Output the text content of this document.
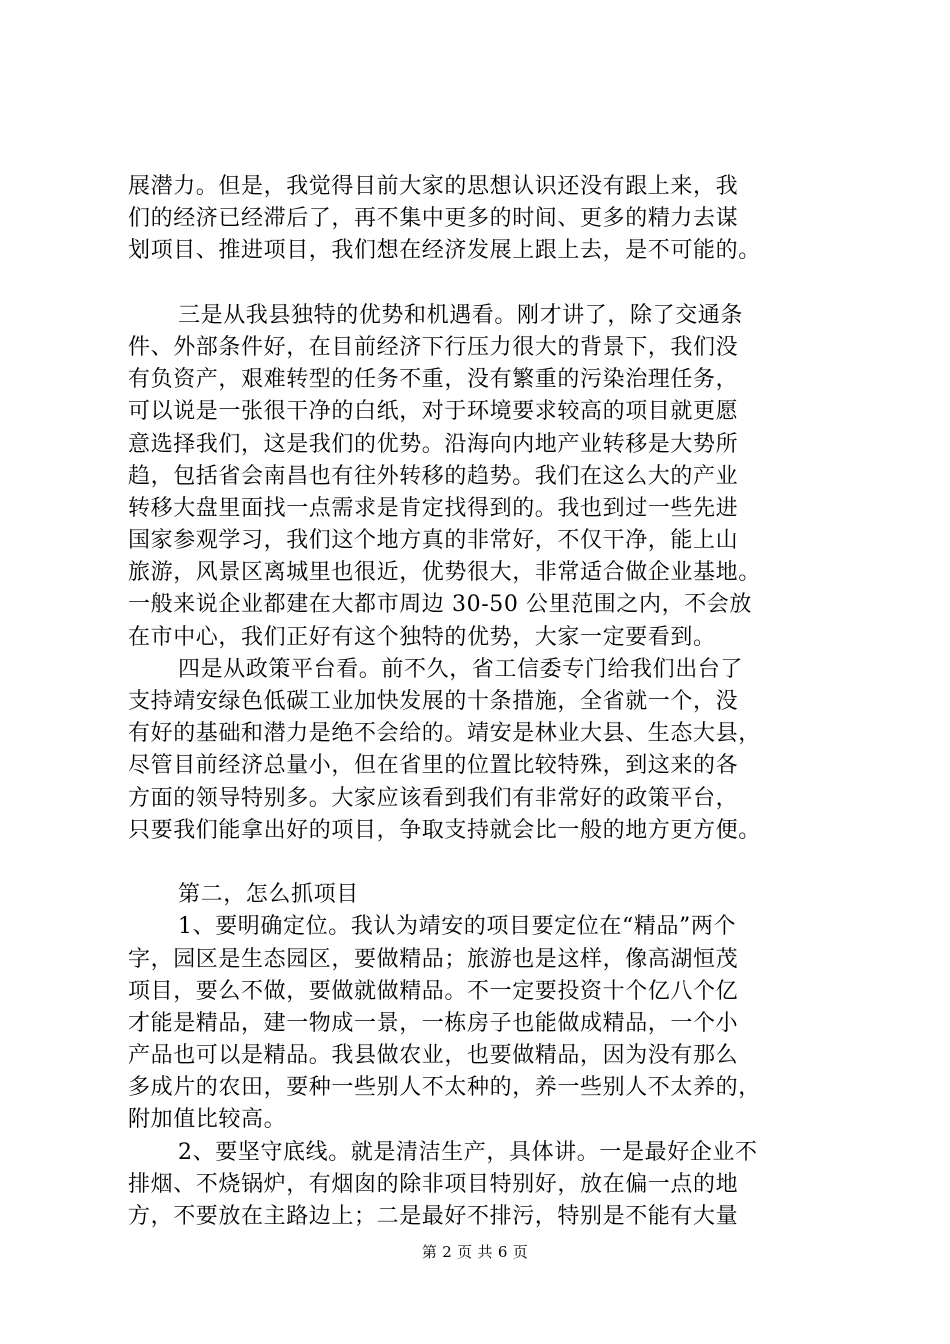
展潜力。但是，我觉得目前大家的思想认识还没有跟上来，我
们的经济已经滞后了，再不集中更多的时间、更多的精力去谋
划项目、推进项目，我们想在经济发展上跟上去，是不可能的。
三是从我县独特的优势和机遇看。刚才讲了，除了交通条
件、外部条件好，在目前经济下行压力很大的背景下，我们没
有负资产，艰难转型的任务不重，没有繁重的污染治理任务，
可以说是一张很干净的白纸，对于环境要求较高的项目就更愿
意选择我们，这是我们的优势。沿海向内地产业转移是大势所
趋，包括省会南昌也有往外转移的趋势。我们在这么大的产业
转移大盘里面找一点需求是肯定找得到的。我也到过一些先进
国家参观学习，我们这个地方真的非常好，不仅干净，能上山
旅游，风景区离城里也很近，优势很大，非常适合做企业基地。
一般来说企业都建在大都市周边 30-50 公里范围之内，不会放
在市中心，我们正好有这个独特的优势，大家一定要看到。
四是从政策平台看。前不久，省工信委专门给我们出台了
支持靖安绿色低碳工业加快发展的十条措施，全省就一个，没
有好的基础和潜力是绝不会给的。靖安是林业大县、生态大县，
尽管目前经济总量小，但在省里的位置比较特殊，到这来的各
方面的领导特别多。大家应该看到我们有非常好的政策平台，
只要我们能拿出好的项目，争取支持就会比一般的地方更方便。
第二，怎么抓项目
1、要明确定位。我认为靖安的项目要定位在“精品”两个
字，园区是生态园区，要做精品；旅游也是这样，像高湖恒茂
项目，要么不做，要做就做精品。不一定要投资十个亿八个亿
才能是精品，建一物成一景，一栋房子也能做成精品，一个小
产品也可以是精品。我县做农业，也要做精品，因为没有那么
多成片的农田，要种一些别人不太种的，养一些别人不太养的，
附加值比较高。
2、要坚守底线。就是清洁生产，具体讲。一是最好企业不
排烟、不烧锅炉，有烟囱的除非项目特别好，放在偏一点的地
方，不要放在主路边上；二是最好不排污，特别是不能有大量
第 2 页 共 6 页
